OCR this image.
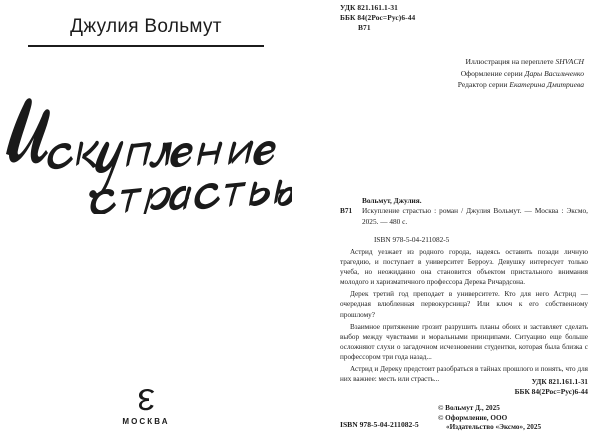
Джулия Вольмут
МОСКВА
УДК 821.161.1-31
ББК 84(2Рос=Рус)6-44
В71
Иллюстрация на переплете SHVACH
Оформление серии Дары Васильченко
Редактор серии Екатерина Дмитриева
Вольмут, Джулия.
В71 Искупление страстью : роман / Джулия Вольмут. — Москва : Эксмо, 2025. — 480 с.
ISBN 978-5-04-211082-5

Астрид уезжает из родного города, надеясь оставить позади личную трагедию, и поступает в университет Берроуз. Девушку интересует только учеба, но неожиданно она становится объектом пристального внимания молодого и харизматичного профессора Дерека Ричардсона.

Дерек третий год преподает в университете. Кто для него Астрид — очередная влюбленная первокурсница? Или ключ к его собственному прошлому?

Взаимное притяжение грозит разрушить планы обоих и заставляет сделать выбор между чувствами и моральными принципами. Ситуацию еще больше осложняют слухи о загадочном исчезновении студентки, которая была близка с профессором три года назад...

Астрид и Дереку предстоит разобраться в тайнах прошлого и понять, что для них важнее: месть или страсть...	УДК 821.161.1-31
ББК 84(2Рос=Рус)6-44
© Вольмут Д., 2025
© Оформление, ООО
«Издательство «Эксмо», 2025
ISBN 978-5-04-211082-5
